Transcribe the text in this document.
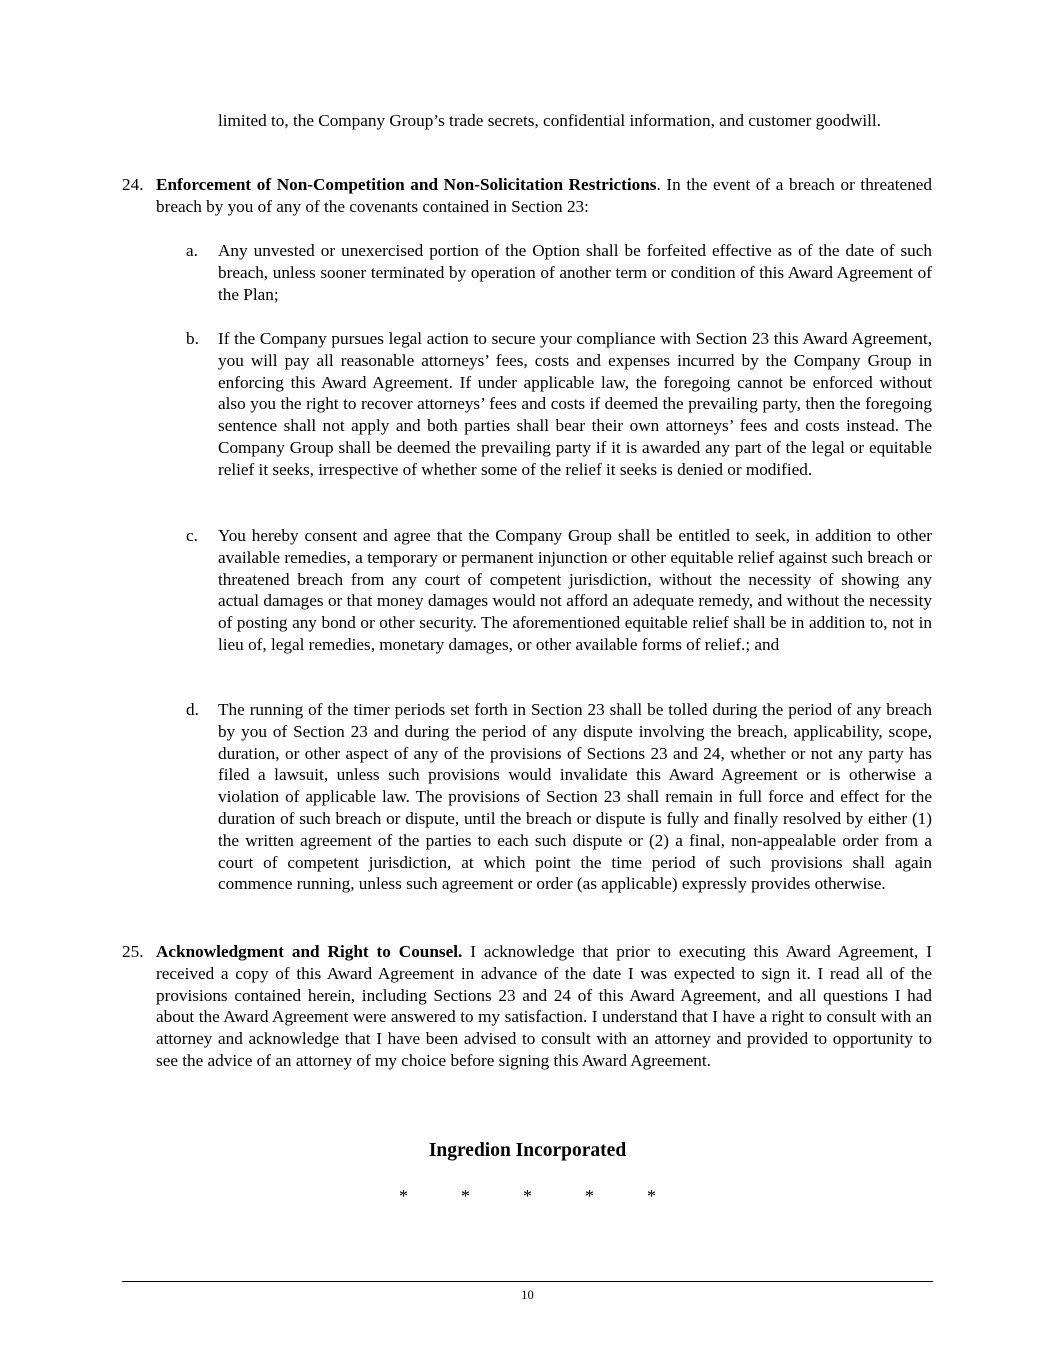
limited to, the Company Group’s trade secrets, confidential information, and customer goodwill.

24. Enforcement of Non-Competition and Non-Solicitation Restrictions. In the event of a breach or threatened breach by you of any of the covenants contained in Section 23:

a. Any unvested or unexercised portion of the Option shall be forfeited effective as of the date of such breach, unless sooner terminated by operation of another term or condition of this Award Agreement of the Plan;

b. If the Company pursues legal action to secure your compliance with Section 23 this Award Agreement, you will pay all reasonable attorneys’ fees, costs and expenses incurred by the Company Group in enforcing this Award Agreement. If under applicable law, the foregoing cannot be enforced without also you the right to recover attorneys’ fees and costs if deemed the prevailing party, then the foregoing sentence shall not apply and both parties shall bear their own attorneys’ fees and costs instead. The Company Group shall be deemed the prevailing party if it is awarded any part of the legal or equitable relief it seeks, irrespective of whether some of the relief it seeks is denied or modified.

c. You hereby consent and agree that the Company Group shall be entitled to seek, in addition to other available remedies, a temporary or permanent injunction or other equitable relief against such breach or threatened breach from any court of competent jurisdiction, without the necessity of showing any actual damages or that money damages would not afford an adequate remedy, and without the necessity of posting any bond or other security. The aforementioned equitable relief shall be in addition to, not in lieu of, legal remedies, monetary damages, or other available forms of relief.; and

d. The running of the timer periods set forth in Section 23 shall be tolled during the period of any breach by you of Section 23 and during the period of any dispute involving the breach, applicability, scope, duration, or other aspect of any of the provisions of Sections 23 and 24, whether or not any party has filed a lawsuit, unless such provisions would invalidate this Award Agreement or is otherwise a violation of applicable law. The provisions of Section 23 shall remain in full force and effect for the duration of such breach or dispute, until the breach or dispute is fully and finally resolved by either (1) the written agreement of the parties to each such dispute or (2) a final, non-appealable order from a court of competent jurisdiction, at which point the time period of such provisions shall again commence running, unless such agreement or order (as applicable) expressly provides otherwise.

25. Acknowledgment and Right to Counsel. I acknowledge that prior to executing this Award Agreement, I received a copy of this Award Agreement in advance of the date I was expected to sign it. I read all of the provisions contained herein, including Sections 23 and 24 of this Award Agreement, and all questions I had about the Award Agreement were answered to my satisfaction. I understand that I have a right to consult with an attorney and acknowledge that I have been advised to consult with an attorney and provided to opportunity to see the advice of an attorney of my choice before signing this Award Agreement.

Ingredion Incorporated
*	*	*	*	*
10
